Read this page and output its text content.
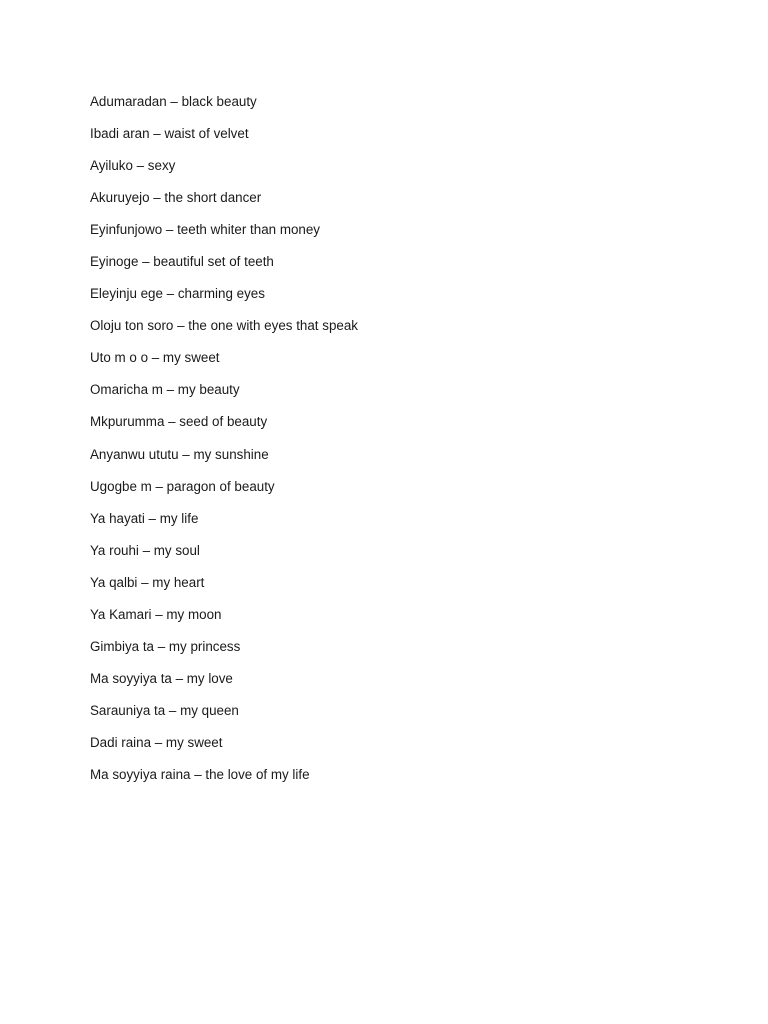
Adumaradan – black beauty
Ibadi aran – waist of velvet
Ayiluko – sexy
Akuruyejo – the short dancer
Eyinfunjowo – teeth whiter than money
Eyinoge – beautiful set of teeth
Eleyinju ege – charming eyes
Oloju ton soro – the one with eyes that speak
Uto m o o – my sweet
Omaricha m – my beauty
Mkpurumma – seed of beauty
Anyanwu ututu – my sunshine
Ugogbe m – paragon of beauty
Ya hayati – my life
Ya rouhi – my soul
Ya qalbi – my heart
Ya Kamari – my moon
Gimbiya ta – my princess
Ma soyyiya ta – my love
Sarauniya ta – my queen
Dadi raina – my sweet
Ma soyyiya raina – the love of my life
